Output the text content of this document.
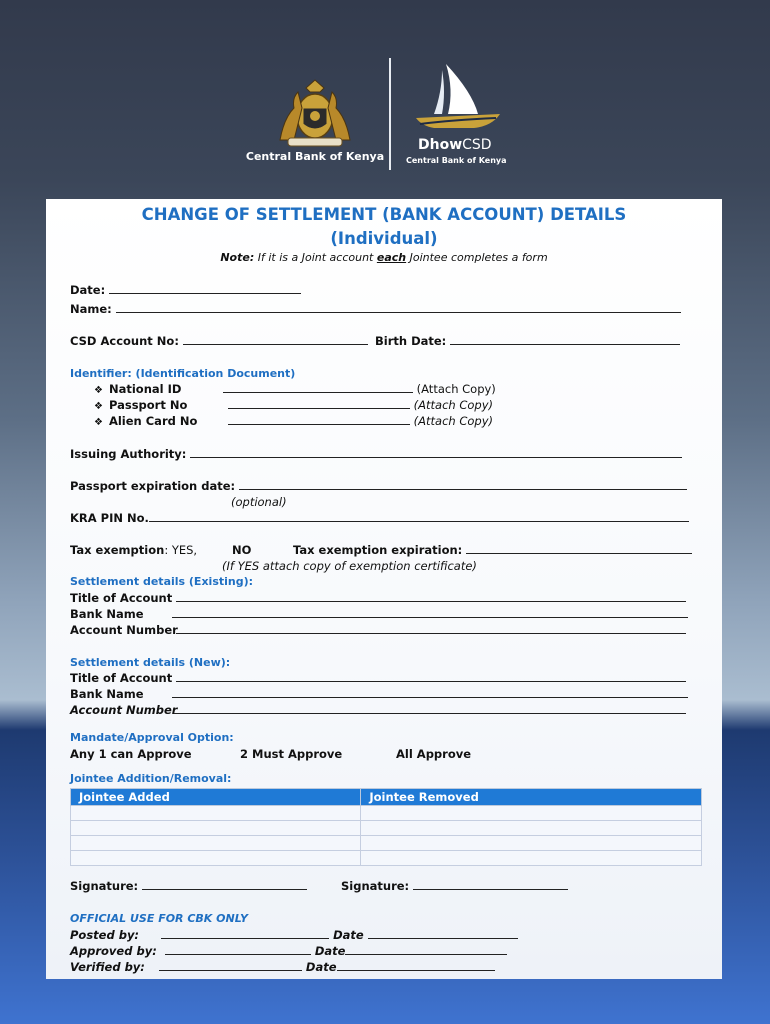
Central Bank of Kenya
DhowCSD
Central Bank of Kenya
CHANGE OF SETTLEMENT (BANK ACCOUNT) DETAILS
(Individual)
Note: If it is a Joint account each Jointee completes a form
Date:
Name:
CSD Account No:	Birth Date:
Identifier: (Identification Document)
❖ National ID	(Attach Copy)
❖ Passport No	(Attach Copy)
❖ Alien Card No	(Attach Copy)
Issuing Authority:
Passport expiration date:
(optional)
KRA PIN No.
Tax exemption: YES,	NO	Tax exemption expiration:
(If YES attach copy of exemption certificate)
Settlement details (Existing):
Title of Account
Bank Name
Account Number
Settlement details (New):
Title of Account
Bank Name
Account Number
Mandate/Approval Option:
Any 1 can Approve	2 Must Approve	All Approve
Jointee Addition/Removal:
Jointee Added	Jointee Removed

Signature:	Signature:
OFFICIAL USE FOR CBK ONLY
Posted by:	Date
Approved by:	Date
Verified by:	Date
